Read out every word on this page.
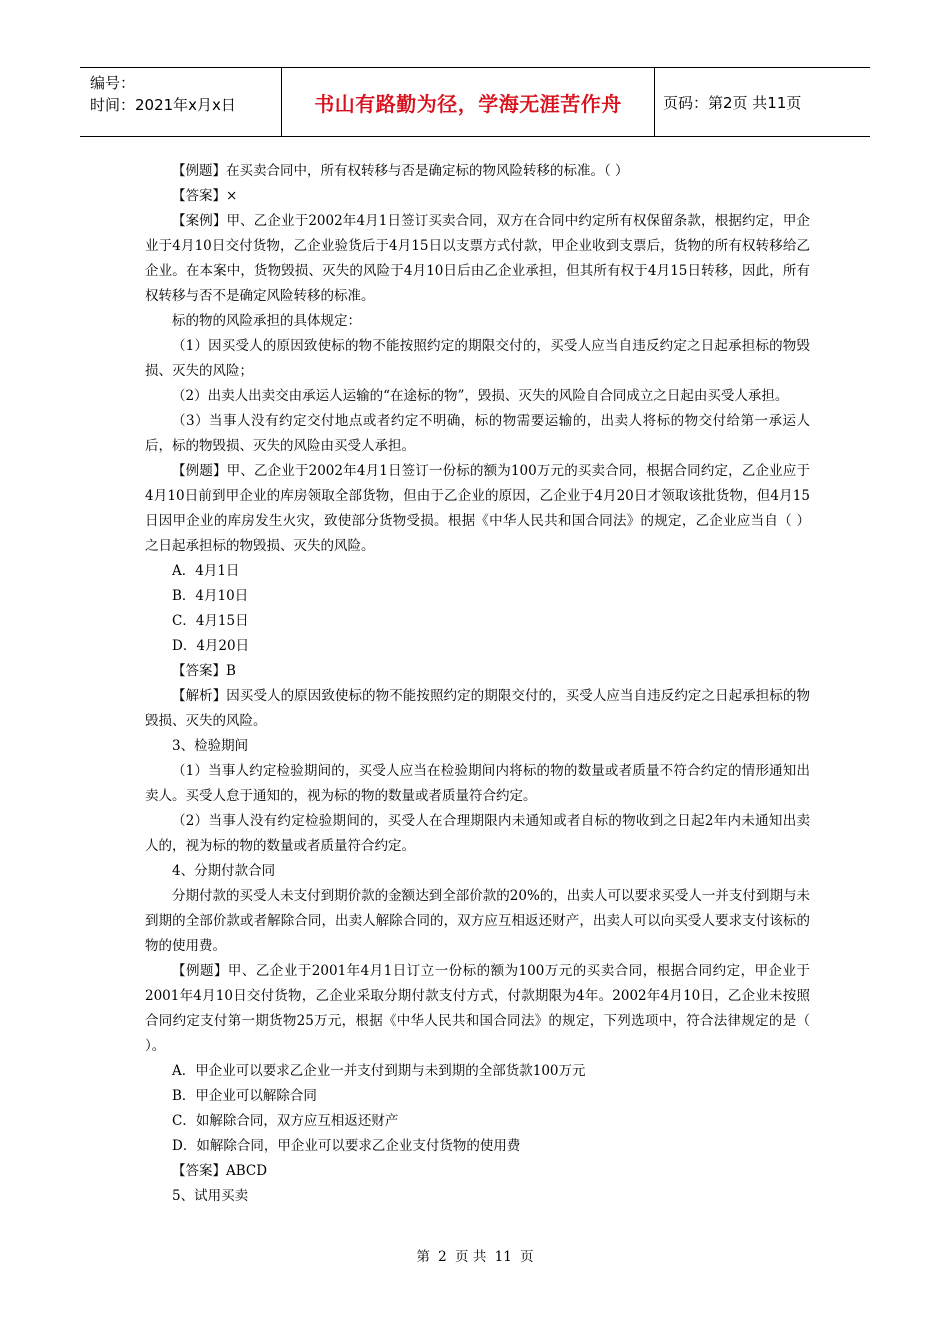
编号：
时间：2021年x月x日	书山有路勤为径，学海无涯苦作舟	页码：第2页 共11页

【例题】在买卖合同中，所有权转移与否是确定标的物风险转移的标准。（ ）

【答案】×

【案例】甲、乙企业于2002年4月1日签订买卖合同，双方在合同中约定所有权保留条款，根据约定，甲企业于4月10日交付货物，乙企业验货后于4月15日以支票方式付款，甲企业收到支票后，货物的所有权转移给乙企业。在本案中，货物毁损、灭失的风险于4月10日后由乙企业承担，但其所有权于4月15日转移，因此，所有权转移与否不是确定风险转移的标准。

标的物的风险承担的具体规定：

（1）因买受人的原因致使标的物不能按照约定的期限交付的，买受人应当自违反约定之日起承担标的物毁损、灭失的风险；

（2）出卖人出卖交由承运人运输的“在途标的物”，毁损、灭失的风险自合同成立之日起由买受人承担。

（3）当事人没有约定交付地点或者约定不明确，标的物需要运输的，出卖人将标的物交付给第一承运人后，标的物毁损、灭失的风险由买受人承担。

【例题】甲、乙企业于2002年4月1日签订一份标的额为100万元的买卖合同，根据合同约定，乙企业应于4月10日前到甲企业的库房领取全部货物，但由于乙企业的原因，乙企业于4月20日才领取该批货物，但4月15日因甲企业的库房发生火灾，致使部分货物受损。根据《中华人民共和国合同法》的规定，乙企业应当自（ ）之日起承担标的物毁损、灭失的风险。

A．4月1日

B．4月10日

C．4月15日

D．4月20日

【答案】B

【解析】因买受人的原因致使标的物不能按照约定的期限交付的，买受人应当自违反约定之日起承担标的物毁损、灭失的风险。

3、检验期间

（1）当事人约定检验期间的，买受人应当在检验期间内将标的物的数量或者质量不符合约定的情形通知出卖人。买受人怠于通知的，视为标的物的数量或者质量符合约定。

（2）当事人没有约定检验期间的，买受人在合理期限内未通知或者自标的物收到之日起2年内未通知出卖人的，视为标的物的数量或者质量符合约定。

4、分期付款合同

分期付款的买受人未支付到期价款的金额达到全部价款的20%的，出卖人可以要求买受人一并支付到期与未到期的全部价款或者解除合同，出卖人解除合同的，双方应互相返还财产，出卖人可以向买受人要求支付该标的物的使用费。

【例题】甲、乙企业于2001年4月1日订立一份标的额为100万元的买卖合同，根据合同约定，甲企业于2001年4月10日交付货物，乙企业采取分期付款支付方式，付款期限为4年。2002年4月10日，乙企业未按照合同约定支付第一期货物25万元，根据《中华人民共和国合同法》的规定，下列选项中，符合法律规定的是（ ）。

A．甲企业可以要求乙企业一并支付到期与未到期的全部货款100万元

B．甲企业可以解除合同

C．如解除合同，双方应互相返还财产

D．如解除合同，甲企业可以要求乙企业支付货物的使用费

【答案】ABCD

5、试用买卖

第 2 页 共 11 页
